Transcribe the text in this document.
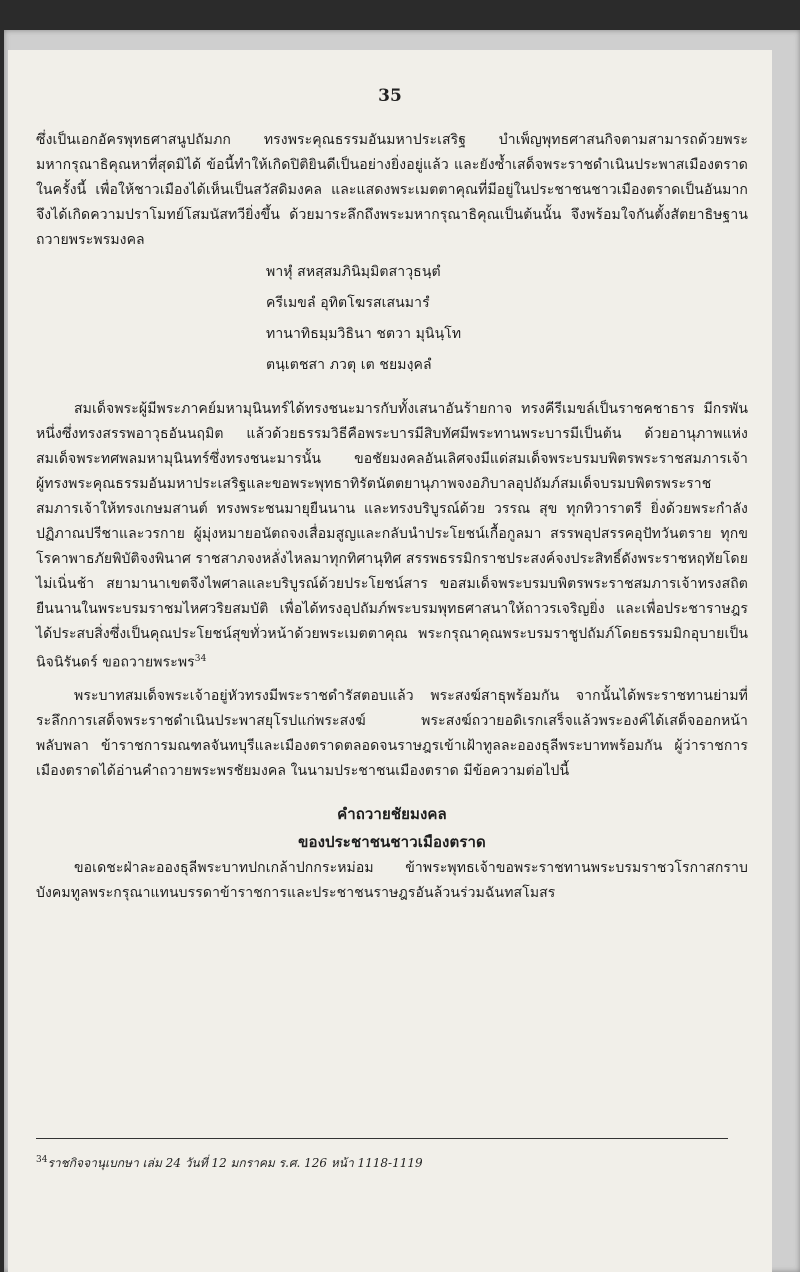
35

ซึ่งเป็นเอกอัครพุทธศาสนูปถัมภก ทรงพระคุณธรรมอันมหาประเสริฐ บำเพ็ญพุทธศาสนกิจตามสามารถด้วยพระมหากรุณาธิคุณหาที่สุดมิได้ ข้อนี้ทำให้เกิดปิติยินดีเป็นอย่างยิ่งอยู่แล้ว และยังซ้ำเสด็จพระราชดำเนินประพาสเมืองตราดในครั้งนี้ เพื่อให้ชาวเมืองได้เห็นเป็นสวัสดิมงคล และแสดงพระเมตตาคุณที่มีอยู่ในประชาชนชาวเมืองตราดเป็นอันมาก จึงได้เกิดความปราโมทย์โสมนัสทวียิ่งขึ้น ด้วยมาระลึกถึงพระมหากรุณาธิคุณเป็นต้นนั้น จึงพร้อมใจกันตั้งสัตยาธิษฐานถวายพระพรมงคล

พาหุํ สหสฺสมภินิมฺมิตสาวุธนฺตํ
ครีเมขลํ อุทิตโฆรสเสนมารํ
ทานาทิธมฺมวิธินา ชตวา มุนินฺโท
ตนฺเตชสา ภวตุ เต ชยมงฺคลํ

สมเด็จพระผู้มีพระภาคย์มหามุนินทร์ได้ทรงชนะมารกับทั้งเสนาอันร้ายกาจ ทรงคีรีเมขล์เป็นราชคชาธาร มีกรพันหนึ่งซึ่งทรงสรรพอาวุธอันนฤมิต แล้วด้วยธรรมวิธีคือพระบารมีสิบทัศมีพระทานพระบารมีเป็นต้น ด้วยอานุภาพแห่งสมเด็จพระทศพลมหามุนินทร์ซึ่งทรงชนะมารนั้น ขอชัยมงคลอันเลิศจงมีแด่สมเด็จพระบรมบพิตรพระราชสมภารเจ้าผู้ทรงพระคุณธรรมอันมหาประเสริฐและขอพระพุทธาทิรัตนัตตยานุภาพจงอภิบาลอุปถัมภ์สมเด็จบรมบพิตรพระราชสมภารเจ้าให้ทรงเกษมสานต์ ทรงพระชนมายุยืนนาน และทรงบริบูรณ์ด้วย วรรณ สุข ทุกทิวาราตรี ยิ่งด้วยพระกำลังปฏิภาณปรีชาและวรกาย ผู้มุ่งหมายอนัตถจงเสื่อมสูญและกลับนำประโยชน์เกื้อกูลมา สรรพอุปสรรคอุปัทวันตราย ทุกขโรคาพาธภัยพิบัติจงพินาศ ราชสาภจงหลั่งไหลมาทุกทิศานุทิศ สรรพธรรมิกราชประสงค์จงประสิทธิ์ดังพระราชหฤทัยโดยไม่เนิ่นช้า สยามานาเขตจึงไพศาลและบริบูรณ์ด้วยประโยชน์สาร ขอสมเด็จพระบรมบพิตรพระราชสมภารเจ้าทรงสถิตยืนนานในพระบรมราชมไหศวริยสมบัติ เพื่อได้ทรงอุปถัมภ์พระบรมพุทธศาสนาให้ถาวรเจริญยิ่ง และเพื่อประชาราษฎรได้ประสบสิ่งซึ่งเป็นคุณประโยชน์สุขทั่วหน้าด้วยพระเมตตาคุณ พระกรุณาคุณพระบรมราชูปถัมภ์โดยธรรมมิกอุบายเป็นนิจนิรันดร์ ขอถวายพระพร$^{34}$

พระบาทสมเด็จพระเจ้าอยู่หัวทรงมีพระราชดำรัสตอบแล้ว พระสงฆ์สาธุพร้อมกัน จากนั้นได้พระราชทานย่ามที่ระลึกการเสด็จพระราชดำเนินประพาสยุโรปแก่พระสงฆ์ พระสงฆ์ถวายอดิเรกเสร็จแล้วพระองค์ได้เสด็จออกหน้าพลับพลา ข้าราชการมณฑลจันทบุรีและเมืองตราดตลอดจนราษฎรเข้าเฝ้าทูลละอองธุลีพระบาทพร้อมกัน ผู้ว่าราชการเมืองตราดได้อ่านคำถวายพระพรชัยมงคล ในนามประชาชนเมืองตราด มีข้อความต่อไปนี้

คำถวายชัยมงคล
ของประชาชนชาวเมืองตราด

ขอเดชะฝ่าละอองธุลีพระบาทปกเกล้าปกกระหม่อม ข้าพระพุทธเจ้าขอพระราชทานพระบรมราชวโรกาสกราบบังคมทูลพระกรุณาแทนบรรดาข้าราชการและประชาชนราษฎรอันล้วนร่วมฉันทสโมสร

$^{34}$ราชกิจจานุเบกษา เล่ม 24 วันที่ 12 มกราคม ร.ศ. 126 หน้า 1118-1119
